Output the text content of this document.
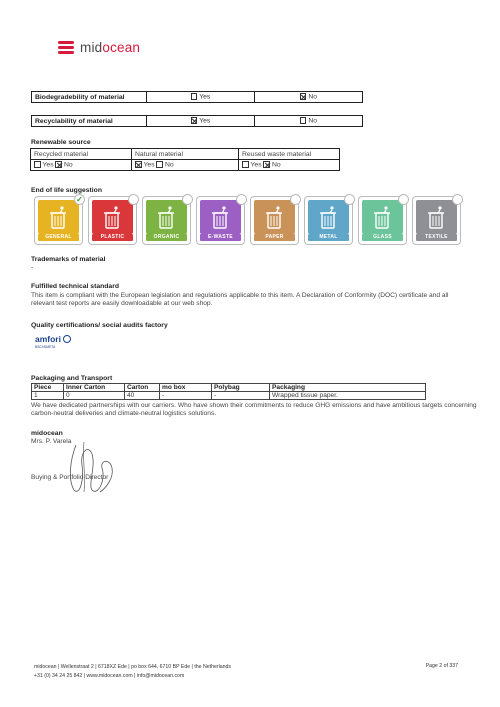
midocean
Biodegradebility of material	Yes	No
Recyclability of material	Yes	No
Renewable source
Recycled material	Natural material	Reused waste material
Yes No	Yes No	Yes No
End of life suggestion
GENERAL
✓
PLASTIC	ORGANIC	E-WASTE	PAPER	METAL	GLASS	TEXTILE
Trademarks of material
-
Fulfilled technical standard
This item is compliant with the European legislation and regulations applicable to this item. A Declaration of Conformity (DOC) certificate and all relevant test reports are easily downloadable at our web shop.
Quality certifications/ social audits factory
amfori
BSCI/SMETA
Packaging and Transport
Piece	Inner Carton	Carton	mo box	Polybag	Packaging
1	0	40	-	-	Wrapped tissue paper.
We have dedicated partnerships with our carriers. Who have shown their commitments to reduce GHG emissions and have ambitious targets concerning carbon-neutral deliveries and climate-neutral logistics solutions.
midocean
Mrs. P. Varela
Buying & Portfolio Director
midocean | Wellenstraat 2 | 6718XZ Ede | po box 644, 6710 BP Ede | the Netherlands
+31 (0) 34 24 25 842 | www.midocean.com | info@midocean.com
Page 2 of 337
